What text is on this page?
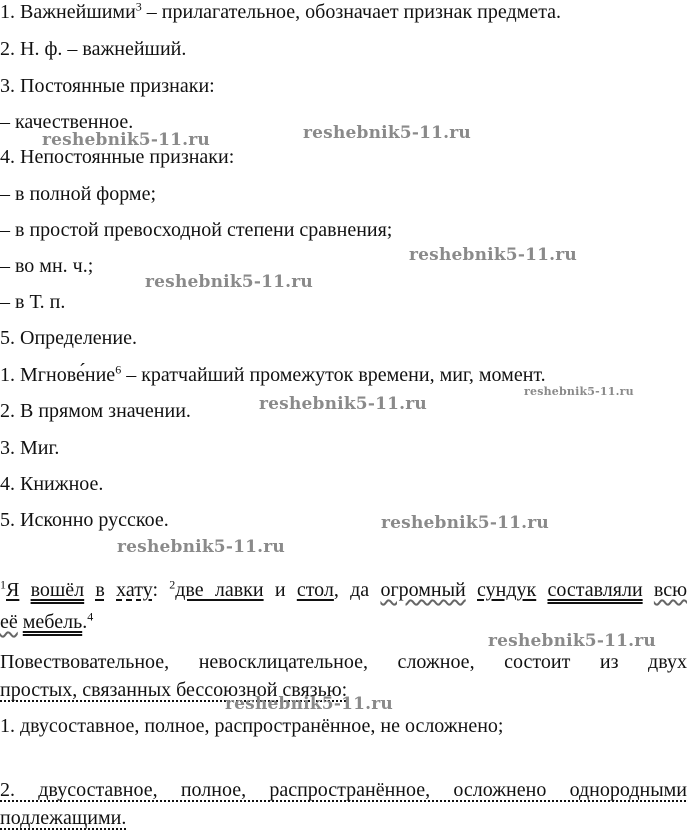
1. Важнейшими$^3$ – прилагательное, обозначает признак предмета.

2. Н. ф. – важнейший.

3. Постоянные признаки:

– качественное.

4. Непостоянные признаки:

– в полной форме;

– в простой превосходной степени сравнения;

– во мн. ч.;

– в Т. п.

5. Определение.

1. Мгнове́ние$^6$ – кратчайший промежуток времени, миг, момент.

2. В прямом значении.

3. Миг.

4. Книжное.

5. Исконно русское.

$^1$Я вошёл в хату: $^2$две лавки и стол, да огромный сундук составляли всю

её мебель.$^4$

Повествовательное, невосклицательное, сложное, состоит из двух

простых, связанных бессоюзной связью:

1. двусоставное, полное, распространённое, не осложнено;

2. двусоставное, полное, распространённое, осложнено однородными

подлежащими.

reshebnik5-11.ru	reshebnik5-11.ru
reshebnik5-11.ru
reshebnik5-11.ru
reshebnik5-11.ru
reshebnik5-11.ru
reshebnik5-11.ru
reshebnik5-11.ru
reshebnik5-11.ru
reshebnik5-11.ru
